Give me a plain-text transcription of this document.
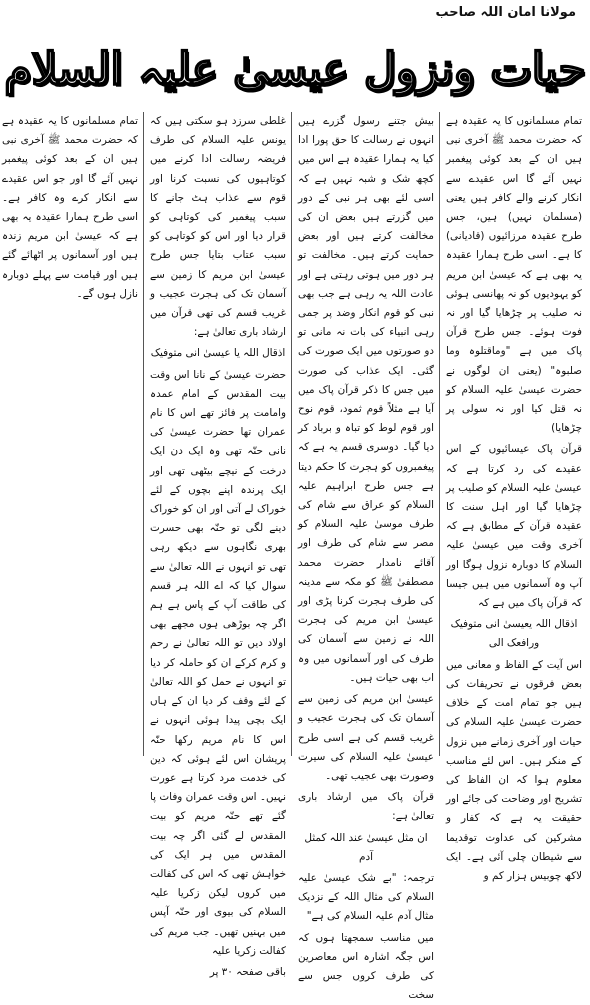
مولانا امان اللہ صاحب
حیات ونزول عیسیٰ علیہ السلام

تمام مسلمانوں کا یہ عقیدہ ہے کہ حضرت محمد ﷺ آخری نبی ہیں ان کے بعد کوئی پیغمبر نہیں آئے گا اس عقیدے سے انکار کرنے والے کافر ہیں یعنی (مسلمان نہیں) ہیں، جس طرح عقیدہ مرزائیوں (قادیانی) کا ہے۔ اسی طرح ہمارا عقیدہ یہ بھی ہے کہ عیسیٰ ابن مریم کو یہودیوں کو نہ پھانسی ہوئی نہ صلیب پر چڑھایا گیا اور نہ فوت ہوئے۔ جس طرح قرآن پاک میں ہے "وماقتلوہ وما صلبوہ" (یعنی ان لوگوں نے حضرت عیسیٰ علیہ السلام کو نہ قتل کیا اور نہ سولی پر چڑھایا)

قرآن پاک عیسائیوں کے اس عقیدے کی رد کرتا ہے کہ عیسیٰ علیہ السلام کو صلیب پر چڑھایا گیا اور اہل سنت کا عقیدہ قرآن کے مطابق ہے کہ آخری وقت میں عیسیٰ علیہ السلام کا دوبارہ نزول ہوگا اور آپ وہ آسمانوں میں ہیں جیسا کہ قرآن پاک میں ہے کہ

اذقال اللہ یعیسیٰ انی متوفیک ورافعک الی

اس آیت کے الفاظ و معانی میں بعض فرقوں نے تحریفات کی ہیں جو تمام امت کے خلاف حضرت عیسیٰ علیہ السلام کی حیات اور آخری زمانے میں نزول کے منکر ہیں۔ اس لئے مناسب معلوم ہوا کہ ان الفاظ کی تشریح اور وضاحت کی جائے اور حقیقت یہ ہے کہ کفار و مشرکین کی عداوت توقدیما سے شیطان چلی آئی ہے۔ ایک لاکھ چوبیس ہزار کم و

بیش جتنے رسول گزرے ہیں انہوں نے رسالت کا حق پورا ادا کیا یہ ہمارا عقیدہ ہے اس میں کچھ شک و شبہ نہیں ہے کہ اسی لئے بھی ہر نبی کے دور میں گزرتے ہیں بعض ان کی مخالفت کرتے ہیں اور بعض حمایت کرتے ہیں۔ مخالفت تو ہر دور میں ہوتی رہتی ہے اور عادت اللہ یہ رہی ہے جب بھی نبی کو قوم انکار وضد پر جمی رہی انبیاء کی بات نہ مانی تو دو صورتوں میں ایک صورت کی گئی۔ ایک عذاب کی صورت میں جس کا ذکر قرآن پاک میں آیا ہے مثلاً قوم ثمود، قوم نوح اور قوم لوط کو تباہ و برباد کر دیا گیا۔ دوسری قسم یہ ہے کہ پیغمبروں کو ہجرت کا حکم دیتا ہے جس طرح ابراہیم علیہ السلام کو عراق سے شام کی طرف موسیٰ علیہ السلام کو مصر سے شام کی طرف اور آقائے نامدار حضرت محمد مصطفیٰ ﷺ کو مکہ سے مدینہ کی طرف ہجرت کرنا پڑی اور عیسیٰ ابن مریم کی ہجرت اللہ نے زمین سے آسمان کی طرف کی اور آسمانوں میں وہ اب بھی حیات ہیں۔

عیسیٰ ابن مریم کی زمین سے آسمان تک کی ہجرت عجیب و غریب قسم کی ہے اسی طرح عیسیٰ علیہ السلام کی سیرت وصورت بھی عجیب تھی۔

قرآن پاک میں ارشاد باری تعالیٰ ہے:

ان مثل عیسیٰ عند اللہ کمثل آدم

ترجمہ: "بے شک عیسیٰ علیہ السلام کی مثال اللہ کے نزدیک مثال آدم علیہ السلام کی ہے"

میں مناسب سمجھتا ہوں کہ اس جگہ اشارہ اس معاصرین کی طرف کروں جس سے سخت

غلطی سرزد ہو سکتی ہیں کہ یونس علیہ السلام کی طرف فریضہ رسالت ادا کرنے میں کوتاہیوں کی نسبت کرنا اور قوم سے عذاب ہٹ جانے کا سبب پیغمبر کی کوتاہی کو قرار دیا اور اس کو کوتاہی کو سبب عتاب بتایا جس طرح عیسیٰ ابن مریم کا زمین سے آسمان تک کی ہجرت عجیب و غریب قسم کی تھی قرآن میں ارشاد باری تعالیٰ ہے:

اذقال اللہ یا عیسیٰ انی متوفیک

حضرت عیسیٰ کے نانا اس وقت بیت المقدس کے امام عمدہ وامامت پر فائز تھے اس کا نام عمران تھا حضرت عیسیٰ کی نانی حنّہ تھی وہ ایک دن ایک درخت کے نیچے بیٹھی تھی اور ایک پرندہ اپنے بچوں کے لئے خوراک لے آتی اور ان کو خوراک دینے لگی تو حنّہ بھی حسرت بھری نگاہوں سے دیکھ رہی تھی تو انہوں نے اللہ تعالیٰ سے سوال کیا کہ اے اللہ ہر قسم کی طاقت آپ کے پاس ہے ہم اگر چہ بوڑھی ہوں مجھے بھی اولاد دیں تو اللہ تعالیٰ نے رحم و کرم کرکے ان کو حاملہ کر دیا تو انہوں نے حمل کو اللہ تعالیٰ کے لئے وقف کر دیا ان کے ہاں ایک بچی پیدا ہوئی انہوں نے اس کا نام مریم رکھا حنّہ پریشان اس لئے ہوئی کہ دین کی خدمت مرد کرتا ہے عورت نہیں۔ اس وقت عمران وفات پا گئے تھے حنّہ مریم کو بیت المقدس لے گئی اگر چہ بیت المقدس میں ہر ایک کی خواہش تھی کہ اس کی کفالت میں کروں لیکن زکریا علیہ السلام کی بیوی اور حنّہ آپس میں بہنیں تھیں۔ جب مریم کی کفالت زکریا علیہ

باقی صفحہ ۳۰ پر

تمام مسلمانوں کا یہ عقیدہ ہے کہ حضرت محمد ﷺ آخری نبی ہیں ان کے بعد کوئی پیغمبر نہیں آئے گا اور جو اس عقیدے سے انکار کرے وہ کافر ہے۔ اسی طرح ہمارا عقیدہ یہ بھی ہے کہ عیسیٰ ابن مریم زندہ ہیں اور آسمانوں پر اٹھائے گئے ہیں اور قیامت سے پہلے دوبارہ نازل ہوں گے۔
